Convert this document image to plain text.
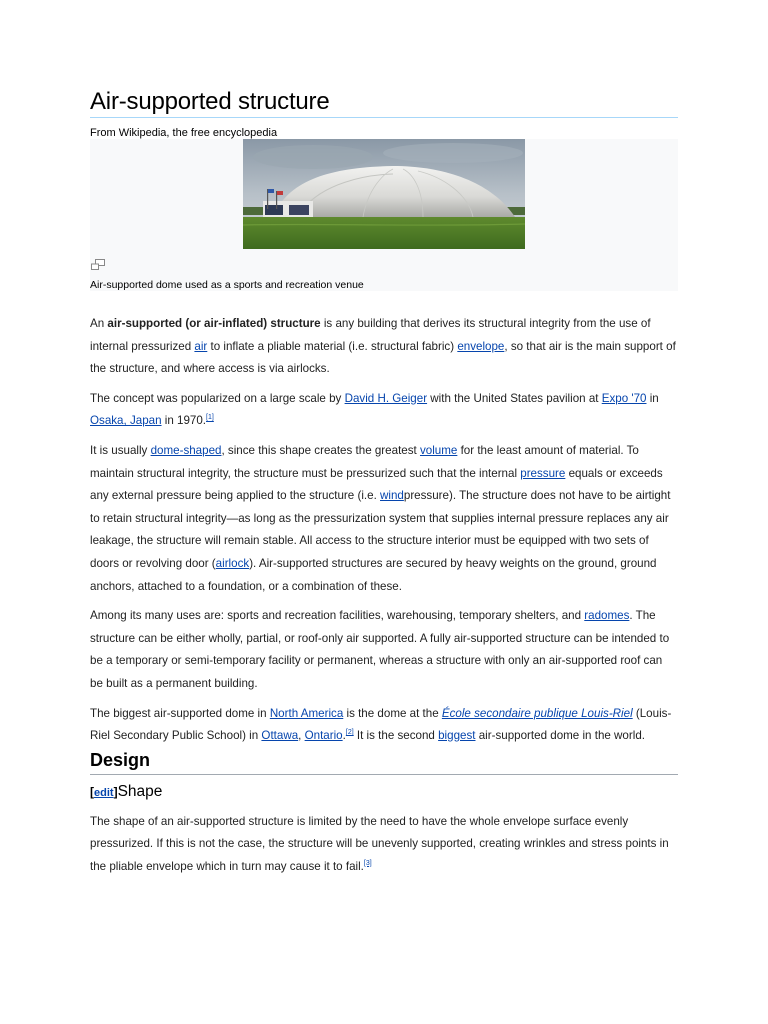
Air-supported structure
From Wikipedia, the free encyclopedia
Air-supported dome used as a sports and recreation venue

An air-supported (or air-inflated) structure is any building that derives its structural integrity from the use of internal pressurized air to inflate a pliable material (i.e. structural fabric) envelope, so that air is the main support of the structure, and where access is via airlocks.

The concept was popularized on a large scale by David H. Geiger with the United States pavilion at Expo '70 in Osaka, Japan in 1970.[1]

It is usually dome-shaped, since this shape creates the greatest volume for the least amount of material. To maintain structural integrity, the structure must be pressurized such that the internal pressure equals or exceeds any external pressure being applied to the structure (i.e. windpressure). The structure does not have to be airtight to retain structural integrity—as long as the pressurization system that supplies internal pressure replaces any air leakage, the structure will remain stable. All access to the structure interior must be equipped with two sets of doors or revolving door (airlock). Air-supported structures are secured by heavy weights on the ground, ground anchors, attached to a foundation, or a combination of these.

Among its many uses are: sports and recreation facilities, warehousing, temporary shelters, and radomes. The structure can be either wholly, partial, or roof-only air supported. A fully air-supported structure can be intended to be a temporary or semi-temporary facility or permanent, whereas a structure with only an air-supported roof can be built as a permanent building.

The biggest air-supported dome in North America is the dome at the École secondaire publique Louis-Riel (Louis-Riel Secondary Public School) in Ottawa, Ontario.[2] It is the second biggest air-supported dome in the world.

Design
[edit]Shape

The shape of an air-supported structure is limited by the need to have the whole envelope surface evenly pressurized. If this is not the case, the structure will be unevenly supported, creating wrinkles and stress points in the pliable envelope which in turn may cause it to fail.[3]
